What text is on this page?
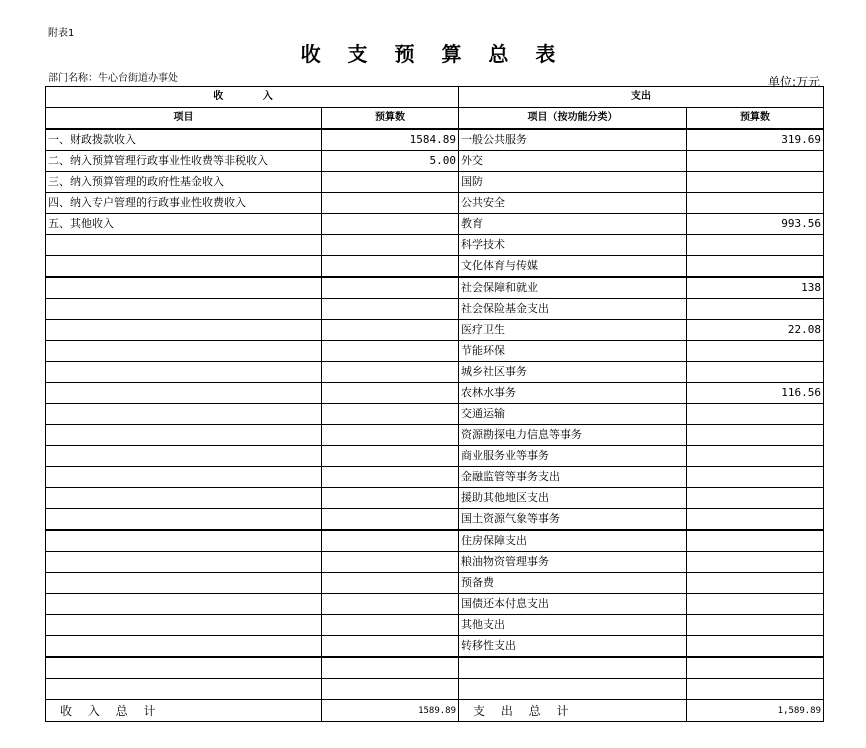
附表1
收 支 预 算 总 表
部门名称：牛心台街道办事处	单位:万元
收 入		支出	
项目	预算数	项目（按功能分类）	预算数
一、财政拨款收入	1584.89	一般公共服务	319.69
二、纳入预算管理行政事业性收费等非税收入	5.00	外交	
三、纳入预算管理的政府性基金收入		国防	
四、纳入专户管理的行政事业性收费收入		公共安全	
五、其他收入		教育	993.56
		科学技术	
		文化体育与传媒	
		社会保障和就业	138
		社会保险基金支出	
		医疗卫生	22.08
		节能环保	
		城乡社区事务	
		农林水事务	116.56
		交通运输	
		资源勘探电力信息等事务	
		商业服务业等事务	
		金融监管等事务支出	
		援助其他地区支出	
		国土资源气象等事务	
		住房保障支出	
		粮油物资管理事务	
		预备费	
		国债还本付息支出	
		其他支出	
		转移性支出	

收 入 总 计	1589.89	支 出 总 计	1,589.89
